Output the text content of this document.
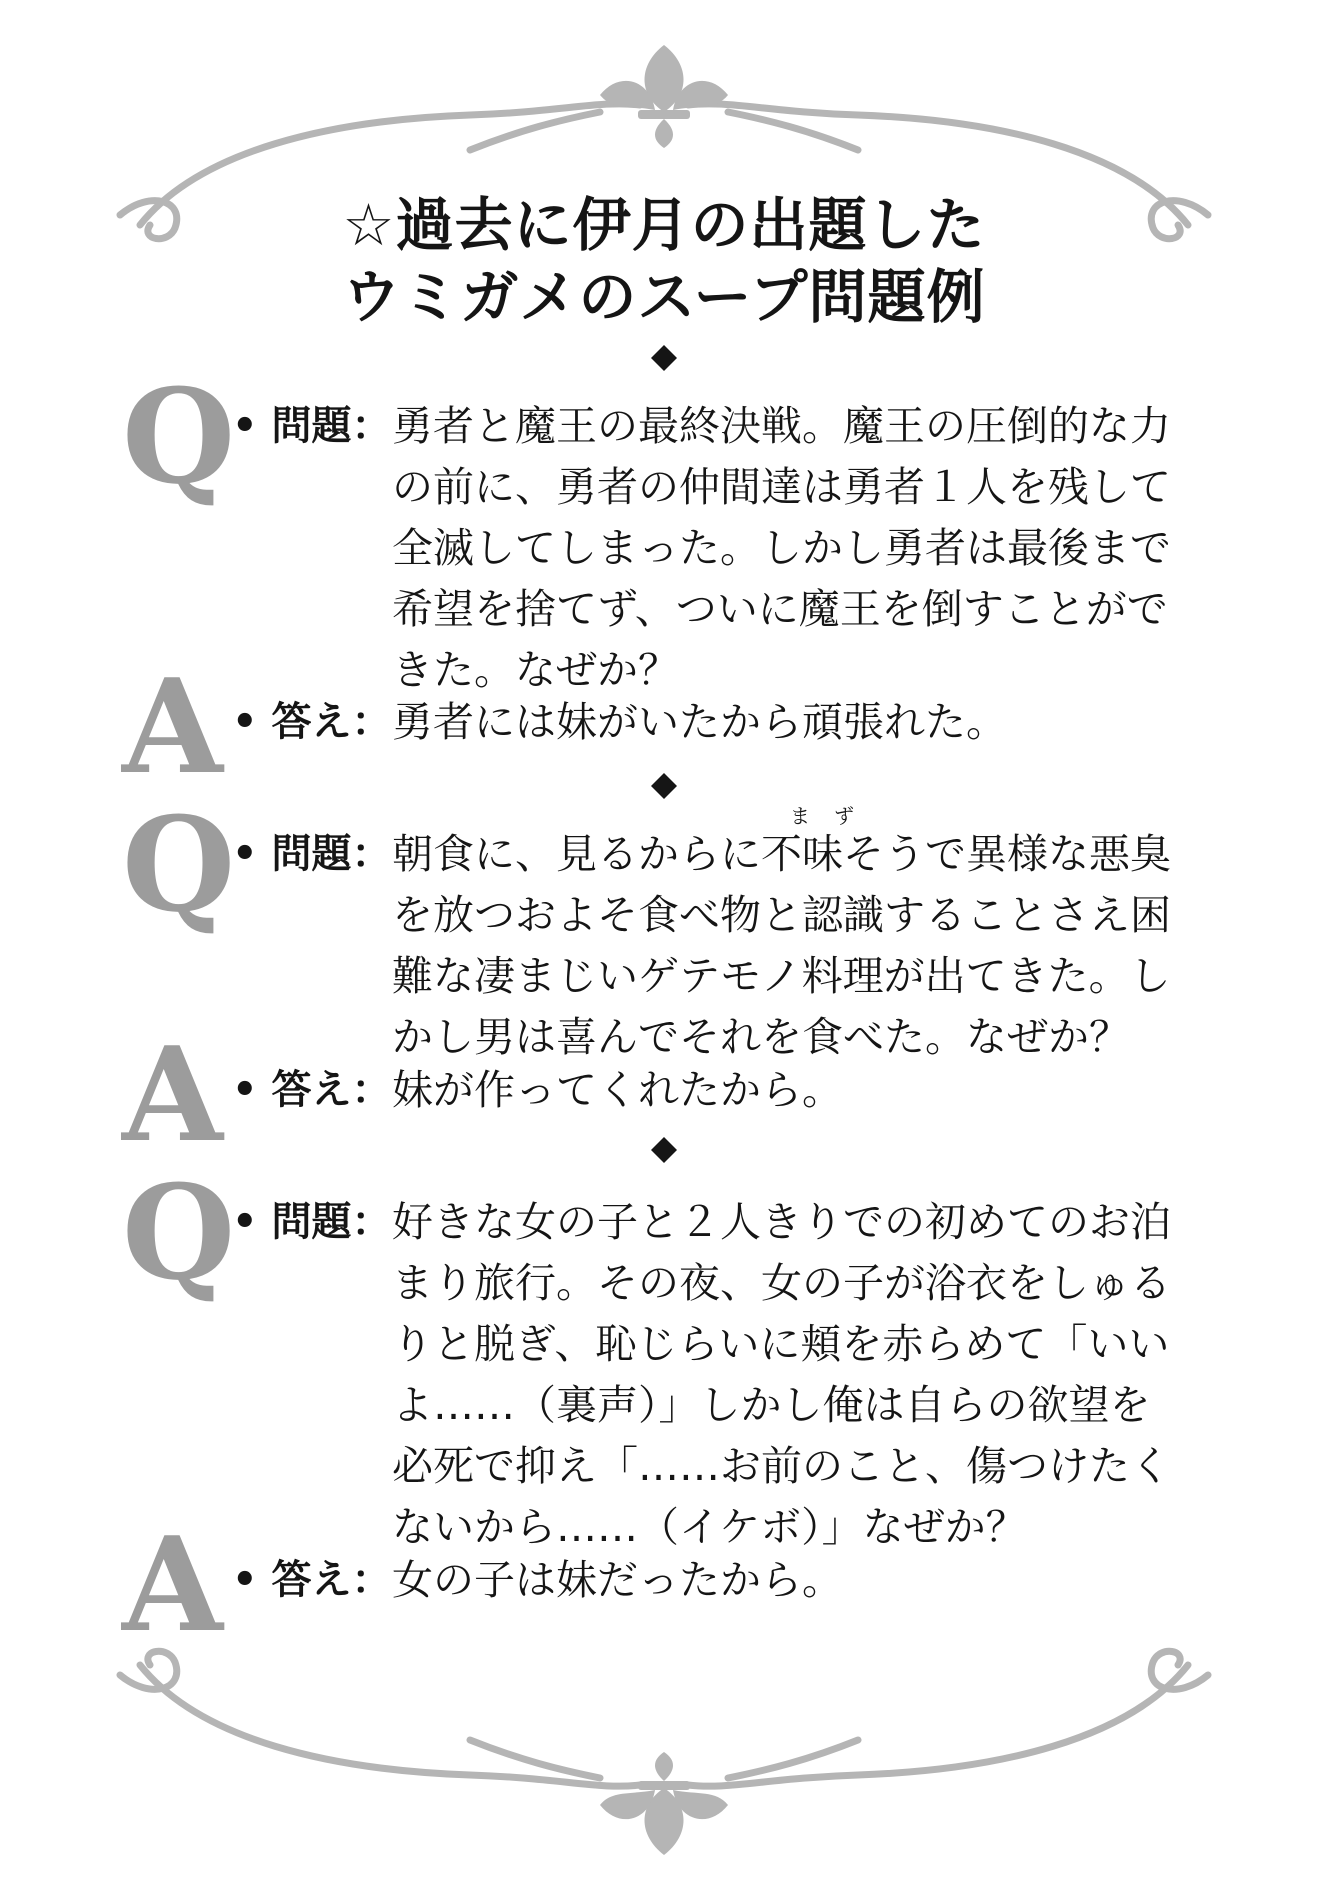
☆過去に伊月の出題した
ウミガメのスープ問題例
Q
• 問題： 勇者と魔王の最終決戦。魔王の圧倒的な力
の前に、勇者の仲間達は勇者１人を残して
全滅してしまった。しかし勇者は最後まで
希望を捨てず、ついに魔王を倒すことがで
きた。なぜか？
A • 答え： 勇者には妹がいたから頑張れた。
Q
• 問題：
ま ず
朝食に、見るからに不味そうで異様な悪臭
を放つおよそ食べ物と認識することさえ困
難な凄まじいゲテモノ料理が出てきた。し
かし男は喜んでそれを食べた。なぜか？
A • 答え： 妹が作ってくれたから。
Q
• 問題： 好きな女の子と２人きりでの初めてのお泊
まり旅行。その夜、女の子が浴衣をしゅる
りと脱ぎ、恥じらいに頬を赤らめて「いい
よ……（裏声）」しかし俺は自らの欲望を
必死で抑え「……お前のこと、傷つけたく
ないから……（イケボ）」なぜか？
A • 答え： 女の子は妹だったから。
